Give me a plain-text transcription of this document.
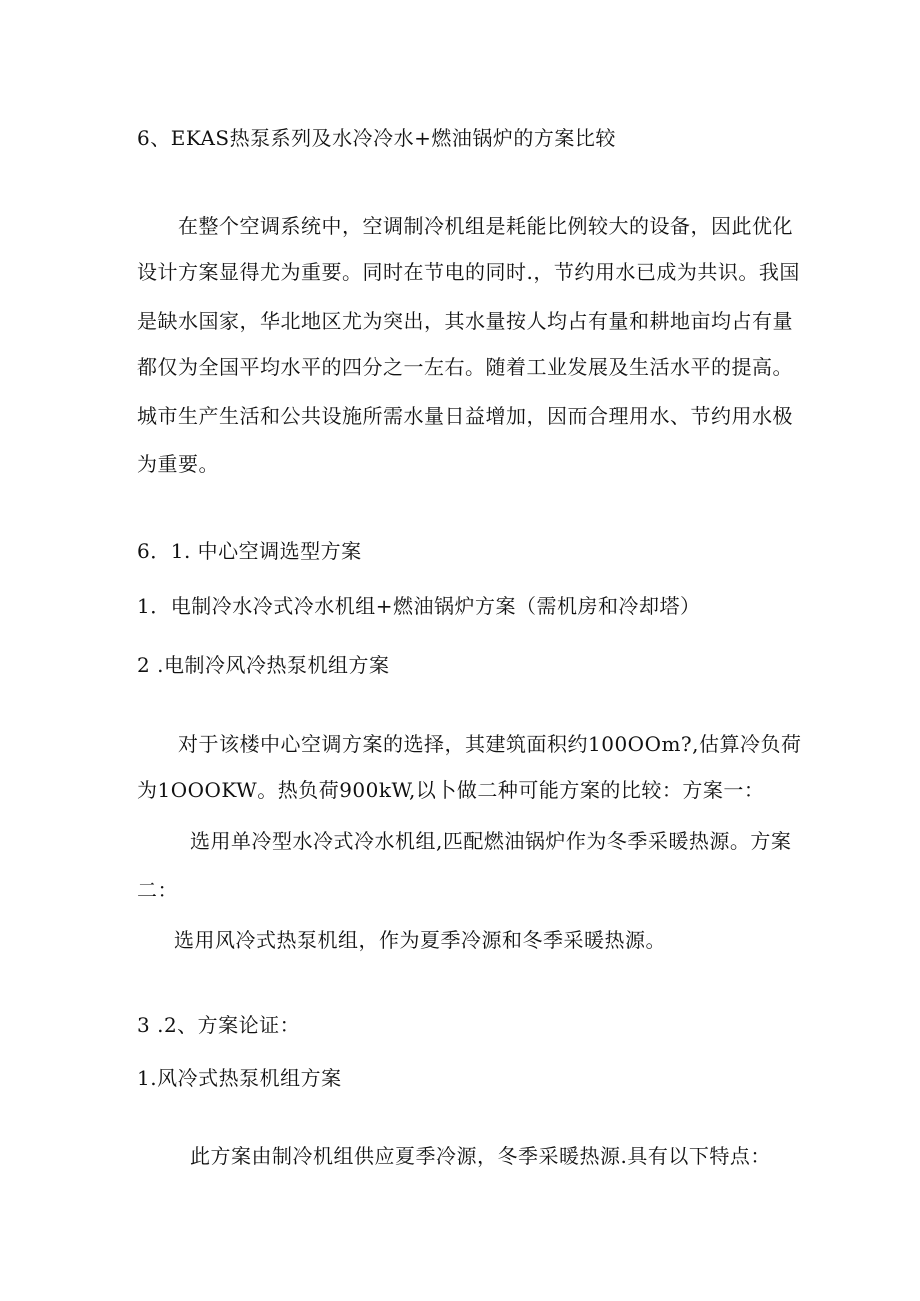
6、EKAS热泵系列及水冷冷水+燃油锅炉的方案比较
在整个空调系统中，空调制冷机组是耗能比例较大的设备，因此优化
设计方案显得尤为重要。同时在节电的同时.，节约用水已成为共识。我国
是缺水国家，华北地区尤为突出，其水量按人均占有量和耕地亩均占有量
都仅为全国平均水平的四分之一左右。随着工业发展及生活水平的提高。
城市生产生活和公共设施所需水量日益增加，因而合理用水、节约用水极
为重要。
6．1. 中心空调选型方案
1．电制冷水冷式冷水机组+燃油锅炉方案（需机房和冷却塔）
2 .电制冷风冷热泵机组方案
对于该楼中心空调方案的选择，其建筑面积约100OOm?,估算冷负荷
为1OOOKW。热负荷900kW,以卜做二种可能方案的比较：方案一：
选用单冷型水冷式冷水机组,匹配燃油锅炉作为冬季采暖热源。方案
二：
选用风冷式热泵机组，作为夏季冷源和冬季采暖热源。
3 .2、方案论证：
1.风冷式热泵机组方案
此方案由制冷机组供应夏季冷源，冬季采暖热源.具有以下特点：
